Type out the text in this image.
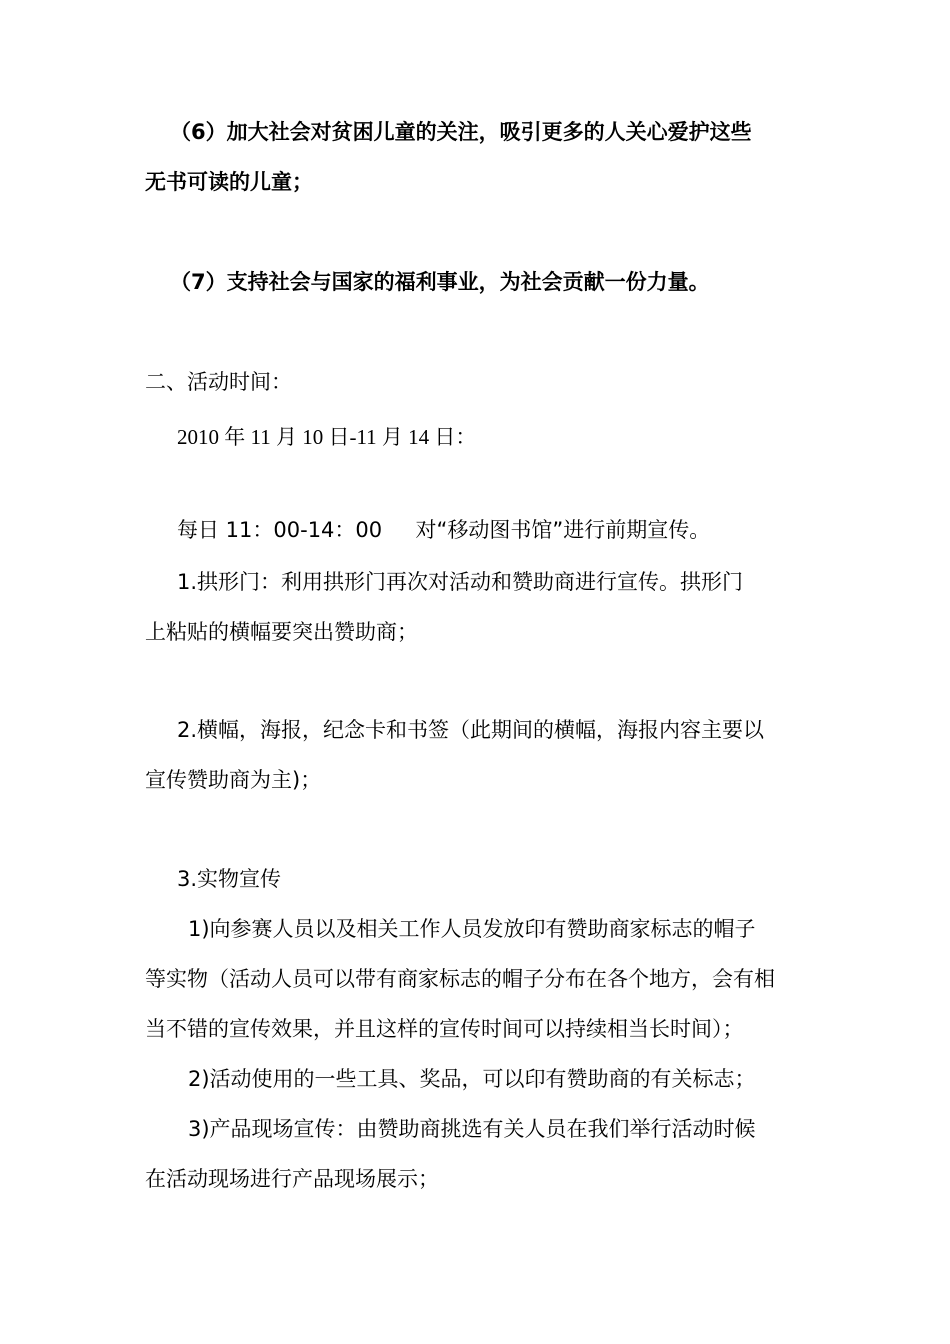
（6）加大社会对贫困儿童的关注，吸引更多的人关心爱护这些

无书可读的儿童；

（7）支持社会与国家的福利事业，为社会贡献一份力量。

二、活动时间：

2010 年 11 月 10 日-11 月 14 日：

每日 11：00-14：00     对“移动图书馆”进行前期宣传。

1.拱形门：利用拱形门再次对活动和赞助商进行宣传。拱形门

上粘贴的横幅要突出赞助商；

2.横幅，海报，纪念卡和书签（此期间的横幅，海报内容主要以

宣传赞助商为主)；

3.实物宣传

1)向参赛人员以及相关工作人员发放印有赞助商家标志的帽子

等实物（活动人员可以带有商家标志的帽子分布在各个地方，会有相

当不错的宣传效果，并且这样的宣传时间可以持续相当长时间）；

2)活动使用的一些工具、奖品，可以印有赞助商的有关标志；

3)产品现场宣传：由赞助商挑选有关人员在我们举行活动时候

在活动现场进行产品现场展示；
